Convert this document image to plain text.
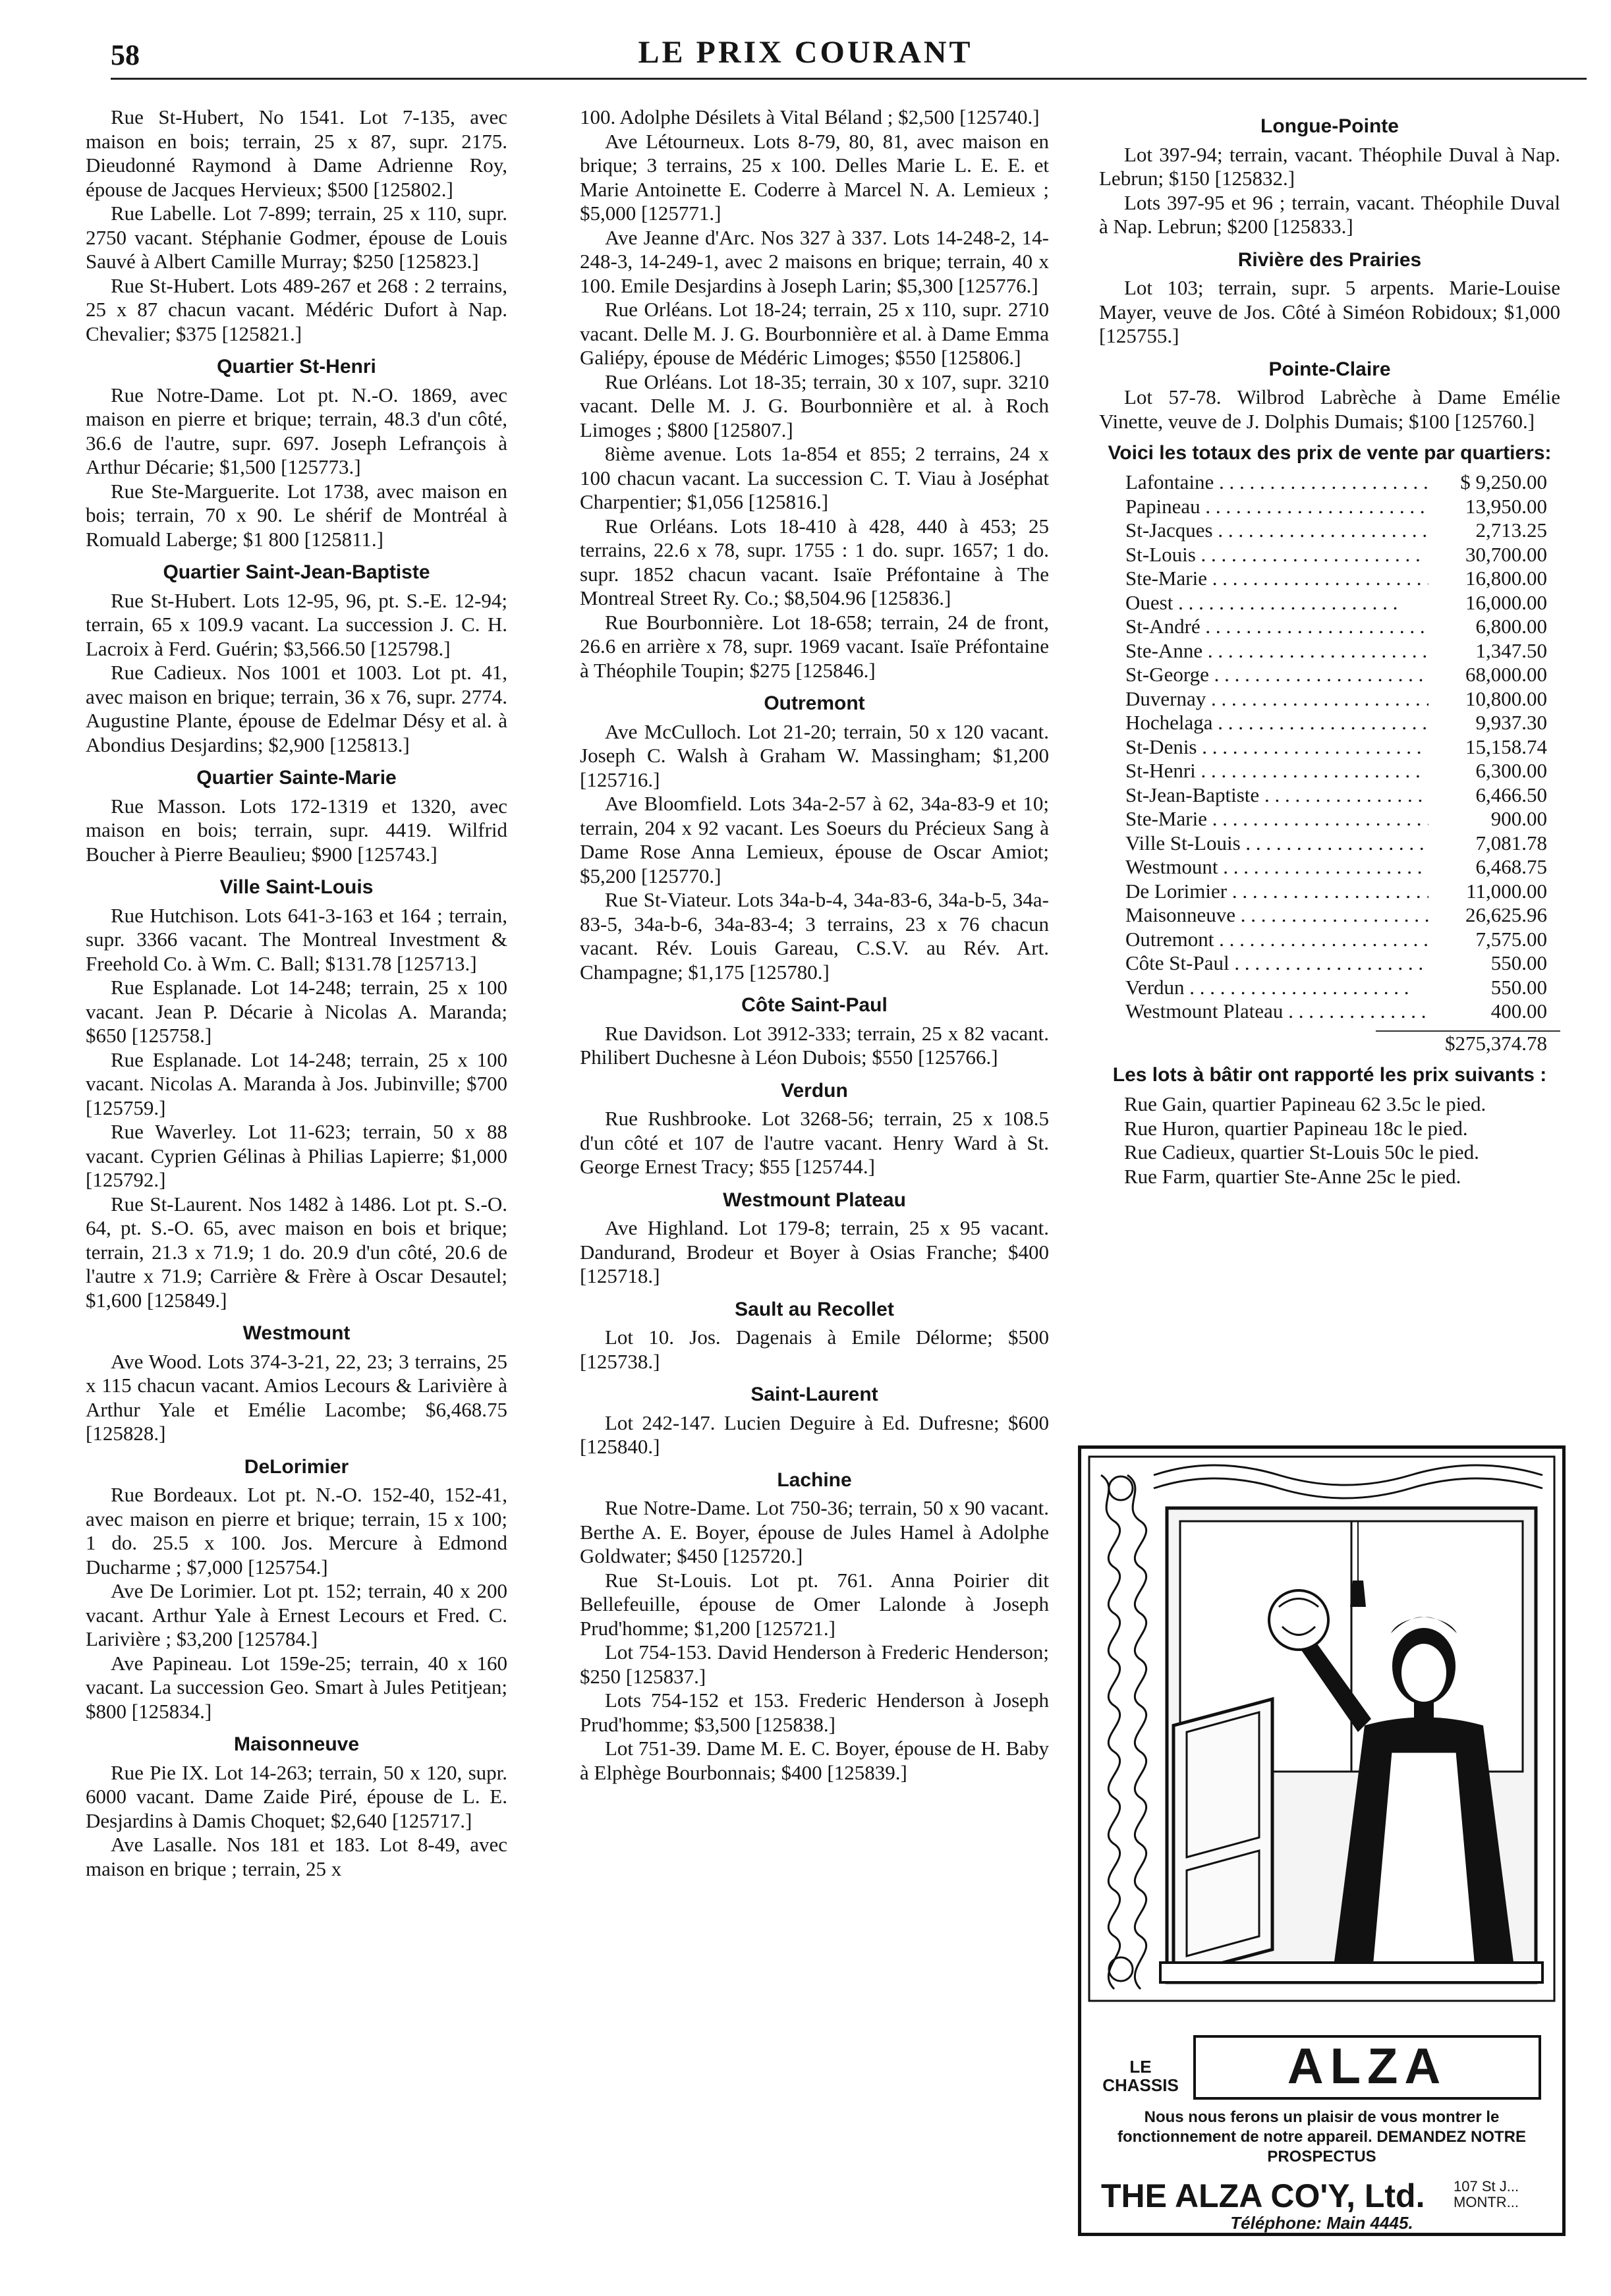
58	LE PRIX COURANT

Rue St-Hubert, No 1541. Lot 7-135, avec maison en bois; terrain, 25 x 87, supr. 2175. Dieudonné Raymond à Dame Adrienne Roy, épouse de Jacques Hervieux; $500 [125802.]

Rue Labelle. Lot 7-899; terrain, 25 x 110, supr. 2750 vacant. Stéphanie Godmer, épouse de Louis Sauvé à Albert Camille Murray; $250 [125823.]

Rue St-Hubert. Lots 489-267 et 268 : 2 terrains, 25 x 87 chacun vacant. Médéric Dufort à Nap. Chevalier; $375 [125821.]

Quartier St-Henri

Rue Notre-Dame. Lot pt. N.-O. 1869, avec maison en pierre et brique; terrain, 48.3 d'un côté, 36.6 de l'autre, supr. 697. Joseph Lefrançois à Arthur Décarie; $1,500 [125773.]

Rue Ste-Marguerite. Lot 1738, avec maison en bois; terrain, 70 x 90. Le shérif de Montréal à Romuald Laberge; $1 800 [125811.]

Quartier Saint-Jean-Baptiste

Rue St-Hubert. Lots 12-95, 96, pt. S.-E. 12-94; terrain, 65 x 109.9 vacant. La succession J. C. H. Lacroix à Ferd. Guérin; $3,566.50 [125798.]

Rue Cadieux. Nos 1001 et 1003. Lot pt. 41, avec maison en brique; terrain, 36 x 76, supr. 2774. Augustine Plante, épouse de Edelmar Désy et al. à Abondius Desjardins; $2,900 [125813.]

Quartier Sainte-Marie

Rue Masson. Lots 172-1319 et 1320, avec maison en bois; terrain, supr. 4419. Wilfrid Boucher à Pierre Beaulieu; $900 [125743.]

Ville Saint-Louis

Rue Hutchison. Lots 641-3-163 et 164 ; terrain, supr. 3366 vacant. The Montreal Investment & Freehold Co. à Wm. C. Ball; $131.78 [125713.]

Rue Esplanade. Lot 14-248; terrain, 25 x 100 vacant. Jean P. Décarie à Nicolas A. Maranda; $650 [125758.]

Rue Esplanade. Lot 14-248; terrain, 25 x 100 vacant. Nicolas A. Maranda à Jos. Jubinville; $700 [125759.]

Rue Waverley. Lot 11-623; terrain, 50 x 88 vacant. Cyprien Gélinas à Philias Lapierre; $1,000 [125792.]

Rue St-Laurent. Nos 1482 à 1486. Lot pt. S.-O. 64, pt. S.-O. 65, avec maison en bois et brique; terrain, 21.3 x 71.9; 1 do. 20.9 d'un côté, 20.6 de l'autre x 71.9; Carrière & Frère à Oscar Desautel; $1,600 [125849.]

Westmount

Ave Wood. Lots 374-3-21, 22, 23; 3 terrains, 25 x 115 chacun vacant. Amios Lecours & Larivière à Arthur Yale et Emélie Lacombe; $6,468.75 [125828.]

DeLorimier

Rue Bordeaux. Lot pt. N.-O. 152-40, 152-41, avec maison en pierre et brique; terrain, 15 x 100; 1 do. 25.5 x 100. Jos. Mercure à Edmond Ducharme ; $7,000 [125754.]

Ave De Lorimier. Lot pt. 152; terrain, 40 x 200 vacant. Arthur Yale à Ernest Lecours et Fred. C. Larivière ; $3,200 [125784.]

Ave Papineau. Lot 159e-25; terrain, 40 x 160 vacant. La succession Geo. Smart à Jules Petitjean; $800 [125834.]

Maisonneuve

Rue Pie IX. Lot 14-263; terrain, 50 x 120, supr. 6000 vacant. Dame Zaide Piré, épouse de L. E. Desjardins à Damis Choquet; $2,640 [125717.]

Ave Lasalle. Nos 181 et 183. Lot 8-49, avec maison en brique ; terrain, 25 x

100. Adolphe Désilets à Vital Béland ; $2,500 [125740.]

Ave Létourneux. Lots 8-79, 80, 81, avec maison en brique; 3 terrains, 25 x 100. Delles Marie L. E. E. et Marie Antoinette E. Coderre à Marcel N. A. Lemieux ; $5,000 [125771.]

Ave Jeanne d'Arc. Nos 327 à 337. Lots 14-248-2, 14-248-3, 14-249-1, avec 2 maisons en brique; terrain, 40 x 100. Emile Desjardins à Joseph Larin; $5,300 [125776.]

Rue Orléans. Lot 18-24; terrain, 25 x 110, supr. 2710 vacant. Delle M. J. G. Bourbonnière et al. à Dame Emma Galiépy, épouse de Médéric Limoges; $550 [125806.]

Rue Orléans. Lot 18-35; terrain, 30 x 107, supr. 3210 vacant. Delle M. J. G. Bourbonnière et al. à Roch Limoges ; $800 [125807.]

8ième avenue. Lots 1a-854 et 855; 2 terrains, 24 x 100 chacun vacant. La succession C. T. Viau à Joséphat Charpentier; $1,056 [125816.]

Rue Orléans. Lots 18-410 à 428, 440 à 453; 25 terrains, 22.6 x 78, supr. 1755 : 1 do. supr. 1657; 1 do. supr. 1852 chacun vacant. Isaïe Préfontaine à The Montreal Street Ry. Co.; $8,504.96 [125836.]

Rue Bourbonnière. Lot 18-658; terrain, 24 de front, 26.6 en arrière x 78, supr. 1969 vacant. Isaïe Préfontaine à Théophile Toupin; $275 [125846.]

Outremont

Ave McCulloch. Lot 21-20; terrain, 50 x 120 vacant. Joseph C. Walsh à Graham W. Massingham; $1,200 [125716.]

Ave Bloomfield. Lots 34a-2-57 à 62, 34a-83-9 et 10; terrain, 204 x 92 vacant. Les Soeurs du Précieux Sang à Dame Rose Anna Lemieux, épouse de Oscar Amiot; $5,200 [125770.]

Rue St-Viateur. Lots 34a-b-4, 34a-83-6, 34a-b-5, 34a-83-5, 34a-b-6, 34a-83-4; 3 terrains, 23 x 76 chacun vacant. Rév. Louis Gareau, C.S.V. au Rév. Art. Champagne; $1,175 [125780.]

Côte Saint-Paul

Rue Davidson. Lot 3912-333; terrain, 25 x 82 vacant. Philibert Duchesne à Léon Dubois; $550 [125766.]

Verdun

Rue Rushbrooke. Lot 3268-56; terrain, 25 x 108.5 d'un côté et 107 de l'autre vacant. Henry Ward à St. George Ernest Tracy; $55 [125744.]

Westmount Plateau

Ave Highland. Lot 179-8; terrain, 25 x 95 vacant. Dandurand, Brodeur et Boyer à Osias Franche; $400 [125718.]

Sault au Recollet

Lot 10. Jos. Dagenais à Emile Délorme; $500 [125738.]

Saint-Laurent

Lot 242-147. Lucien Deguire à Ed. Dufresne; $600 [125840.]

Lachine

Rue Notre-Dame. Lot 750-36; terrain, 50 x 90 vacant. Berthe A. E. Boyer, épouse de Jules Hamel à Adolphe Goldwater; $450 [125720.]

Rue St-Louis. Lot pt. 761. Anna Poirier dit Bellefeuille, épouse de Omer Lalonde à Joseph Prud'homme; $1,200 [125721.]

Lot 754-153. David Henderson à Frederic Henderson; $250 [125837.]

Lots 754-152 et 153. Frederic Henderson à Joseph Prud'homme; $3,500 [125838.]

Lot 751-39. Dame M. E. C. Boyer, épouse de H. Baby à Elphège Bourbonnais; $400 [125839.]

Longue-Pointe

Lot 397-94; terrain, vacant. Théophile Duval à Nap. Lebrun; $150 [125832.]

Lots 397-95 et 96 ; terrain, vacant. Théophile Duval à Nap. Lebrun; $200 [125833.]

Rivière des Prairies

Lot 103; terrain, supr. 5 arpents. Marie-Louise Mayer, veuve de Jos. Côté à Siméon Robidoux; $1,000 [125755.]

Pointe-Claire

Lot 57-78. Wilbrod Labrèche à Dame Emélie Vinette, veuve de J. Dolphis Dumais; $100 [125760.]

Voici les totaux des prix de vente par quartiers:
Lafontaine . . .	$ 9,250.00
Papineau . . .	13,950.00
St-Jacques . . .	2,713.25
St-Louis . . .	30,700.00
Ste-Marie . . .	16,800.00
Ouest . . .	16,000.00
St-André . . .	6,800.00
Ste-Anne . . .	1,347.50
St-George . . .	68,000.00
Duvernay . . .	10,800.00
Hochelaga . . .	9,937.30
St-Denis . . .	15,158.74
St-Henri . . .	6,300.00
St-Jean-Baptiste . . .	6,466.50
Ste-Marie . . .	900.00
Ville St-Louis . . .	7,081.78
Westmount . . .	6,468.75
De Lorimier . . .	11,000.00
Maisonneuve . . .	26,625.96
Outremont . . .	7,575.00
Côte St-Paul . . .	550.00
Verdun . . .	550.00
Westmount Plateau . . .	400.00
$275,374.78
Les lots à bâtir ont rapporté les prix suivants :

Rue Gain, quartier Papineau 62 3.5c le pied.

Rue Huron, quartier Papineau 18c le pied.

Rue Cadieux, quartier St-Louis 50c le pied.

Rue Farm, quartier Ste-Anne 25c le pied.

LE CHASSIS	ALZA
Nous nous ferons un plaisir de vous montrer le fonctionnement de notre appareil. DEMANDEZ NOTRE PROSPECTUS
THE ALZA CO'Y, Ltd. 107 St J... MONTR...
Téléphone: Main 4445.
